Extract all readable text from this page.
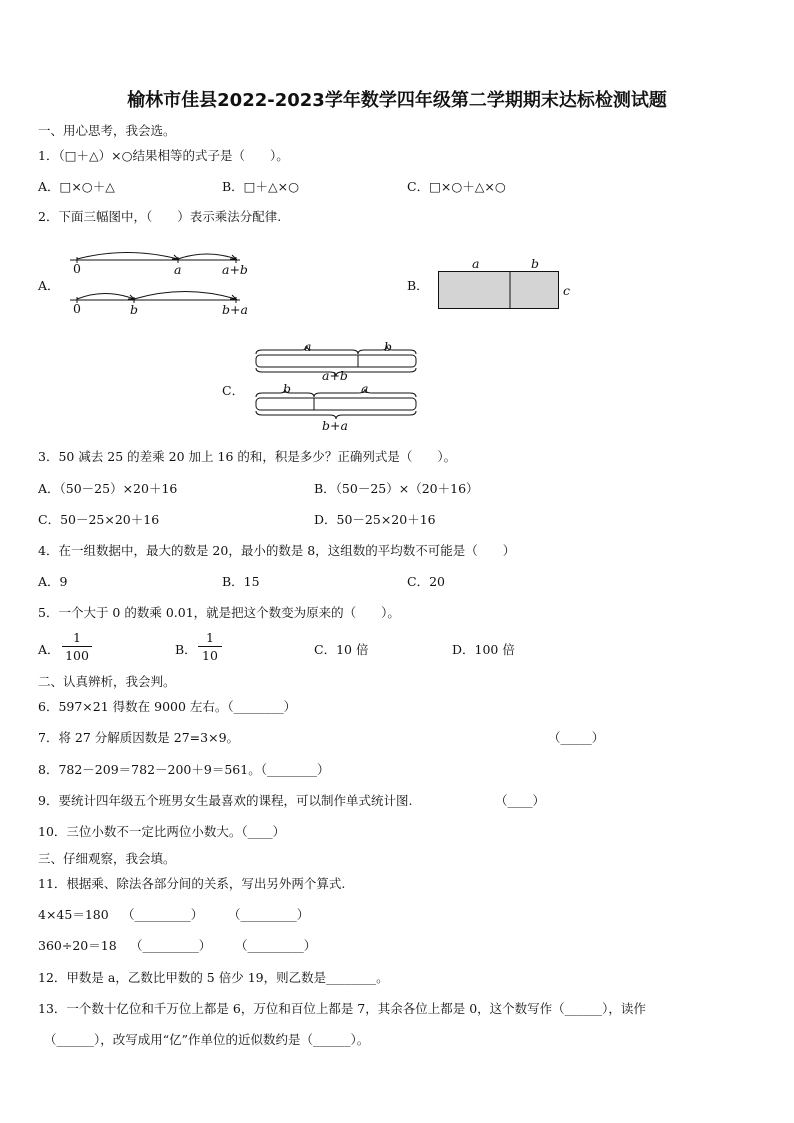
榆林市佳县2022-2023学年数学四年级第二学期期末达标检测试题
一、用心思考，我会选。
1．（□＋△）×○结果相等的式子是（　　）。
A．□×○＋△	B．□＋△×○	C．□×○＋△×○
2．下面三幅图中，（　　）表示乘法分配律.
A．
0	a	a+b
0	b	b+a
B．
a	b
c
C．
a	b
a+b
b	a
b+a
3．50 减去 25 的差乘 20 加上 16 的和，积是多少？正确列式是（　　）。
A．（50－25）×20＋16	B．（50－25）×（20＋16）
C．50－25×20＋16	D．50－25×20＋16
4．在一组数据中，最大的数是 20，最小的数是 8，这组数的平均数不可能是（　　）
A．9	B．15	C．20
5．一个大于 0 的数乘 0.01，就是把这个数变为原来的（　　）。
A．
1
100	B．
1
10	C．10 倍	D．100 倍
二、认真辨析，我会判。
6．597×21 得数在 9000 左右。（________）
7．将 27 分解质因数是 27=3×9。	（_____）
8．782－209＝782－200＋9＝561。（________）
9．要统计四年级五个班男女生最喜欢的课程，可以制作单式统计图.	（____）
10．三位小数不一定比两位小数大。（____）
三、仔细观察，我会填。
11．根据乘、除法各部分间的关系，写出另外两个算式.
4×45＝180 （_________） （_________）
360÷20＝18 （_________） （_________）
12．甲数是 a，乙数比甲数的 5 倍少 19，则乙数是________。
13．一个数十亿位和千万位上都是 6，万位和百位上都是 7，其余各位上都是 0，这个数写作（______），读作
（______），改写成用“亿”作单位的近似数约是（______）。
